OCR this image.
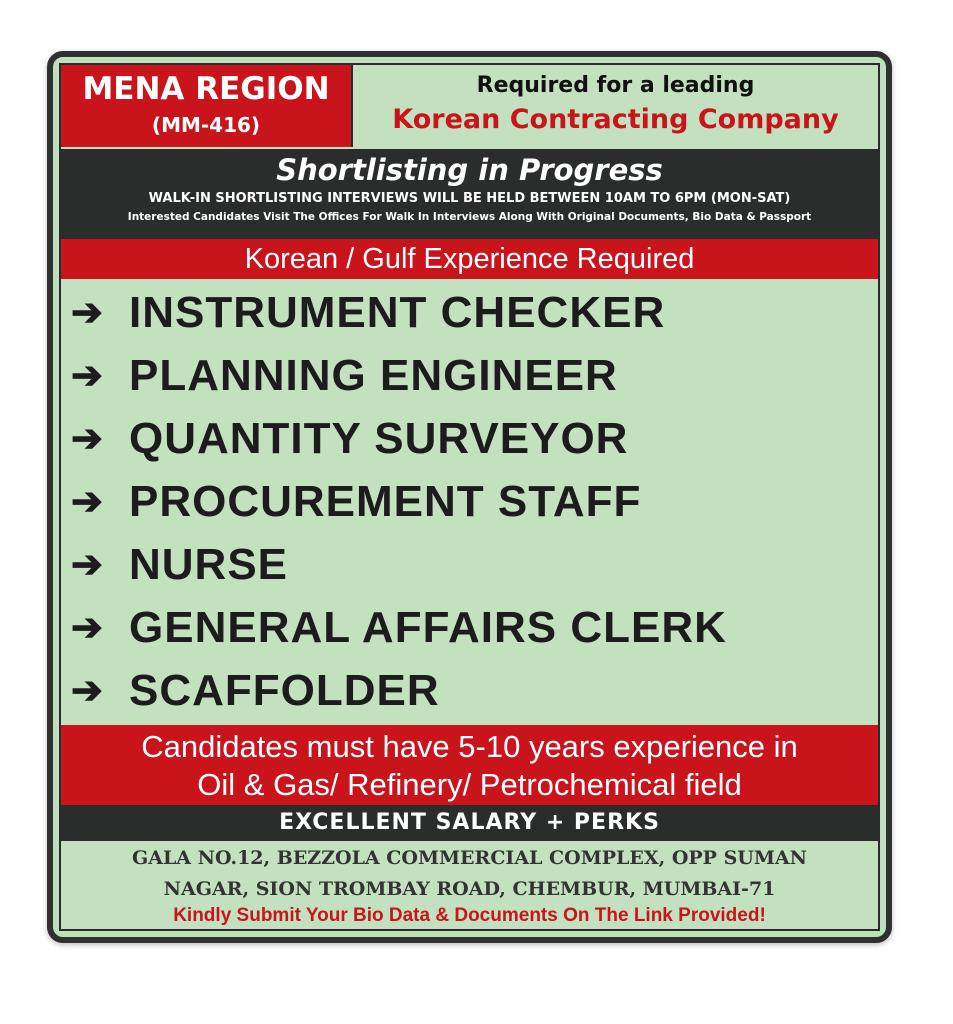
MENA REGION
(MM-416)
Required for a leading
Korean Contracting Company
Shortlisting in Progress
WALK-IN SHORTLISTING INTERVIEWS WILL BE HELD BETWEEN 10AM TO 6PM (MON-SAT)
Interested Candidates Visit The Offices For Walk In Interviews Along With Original Documents, Bio Data & Passport
Korean / Gulf Experience Required
➔ INSTRUMENT CHECKER
➔ PLANNING ENGINEER
➔ QUANTITY SURVEYOR
➔ PROCUREMENT STAFF
➔ NURSE
➔ GENERAL AFFAIRS CLERK
➔ SCAFFOLDER
Candidates must have 5-10 years experience in
Oil & Gas/ Refinery/ Petrochemical field
EXCELLENT SALARY + PERKS
GALA NO.12, BEZZOLA COMMERCIAL COMPLEX, OPP SUMAN
NAGAR, SION TROMBAY ROAD, CHEMBUR, MUMBAI-71
Kindly Submit Your Bio Data & Documents On The Link Provided!
